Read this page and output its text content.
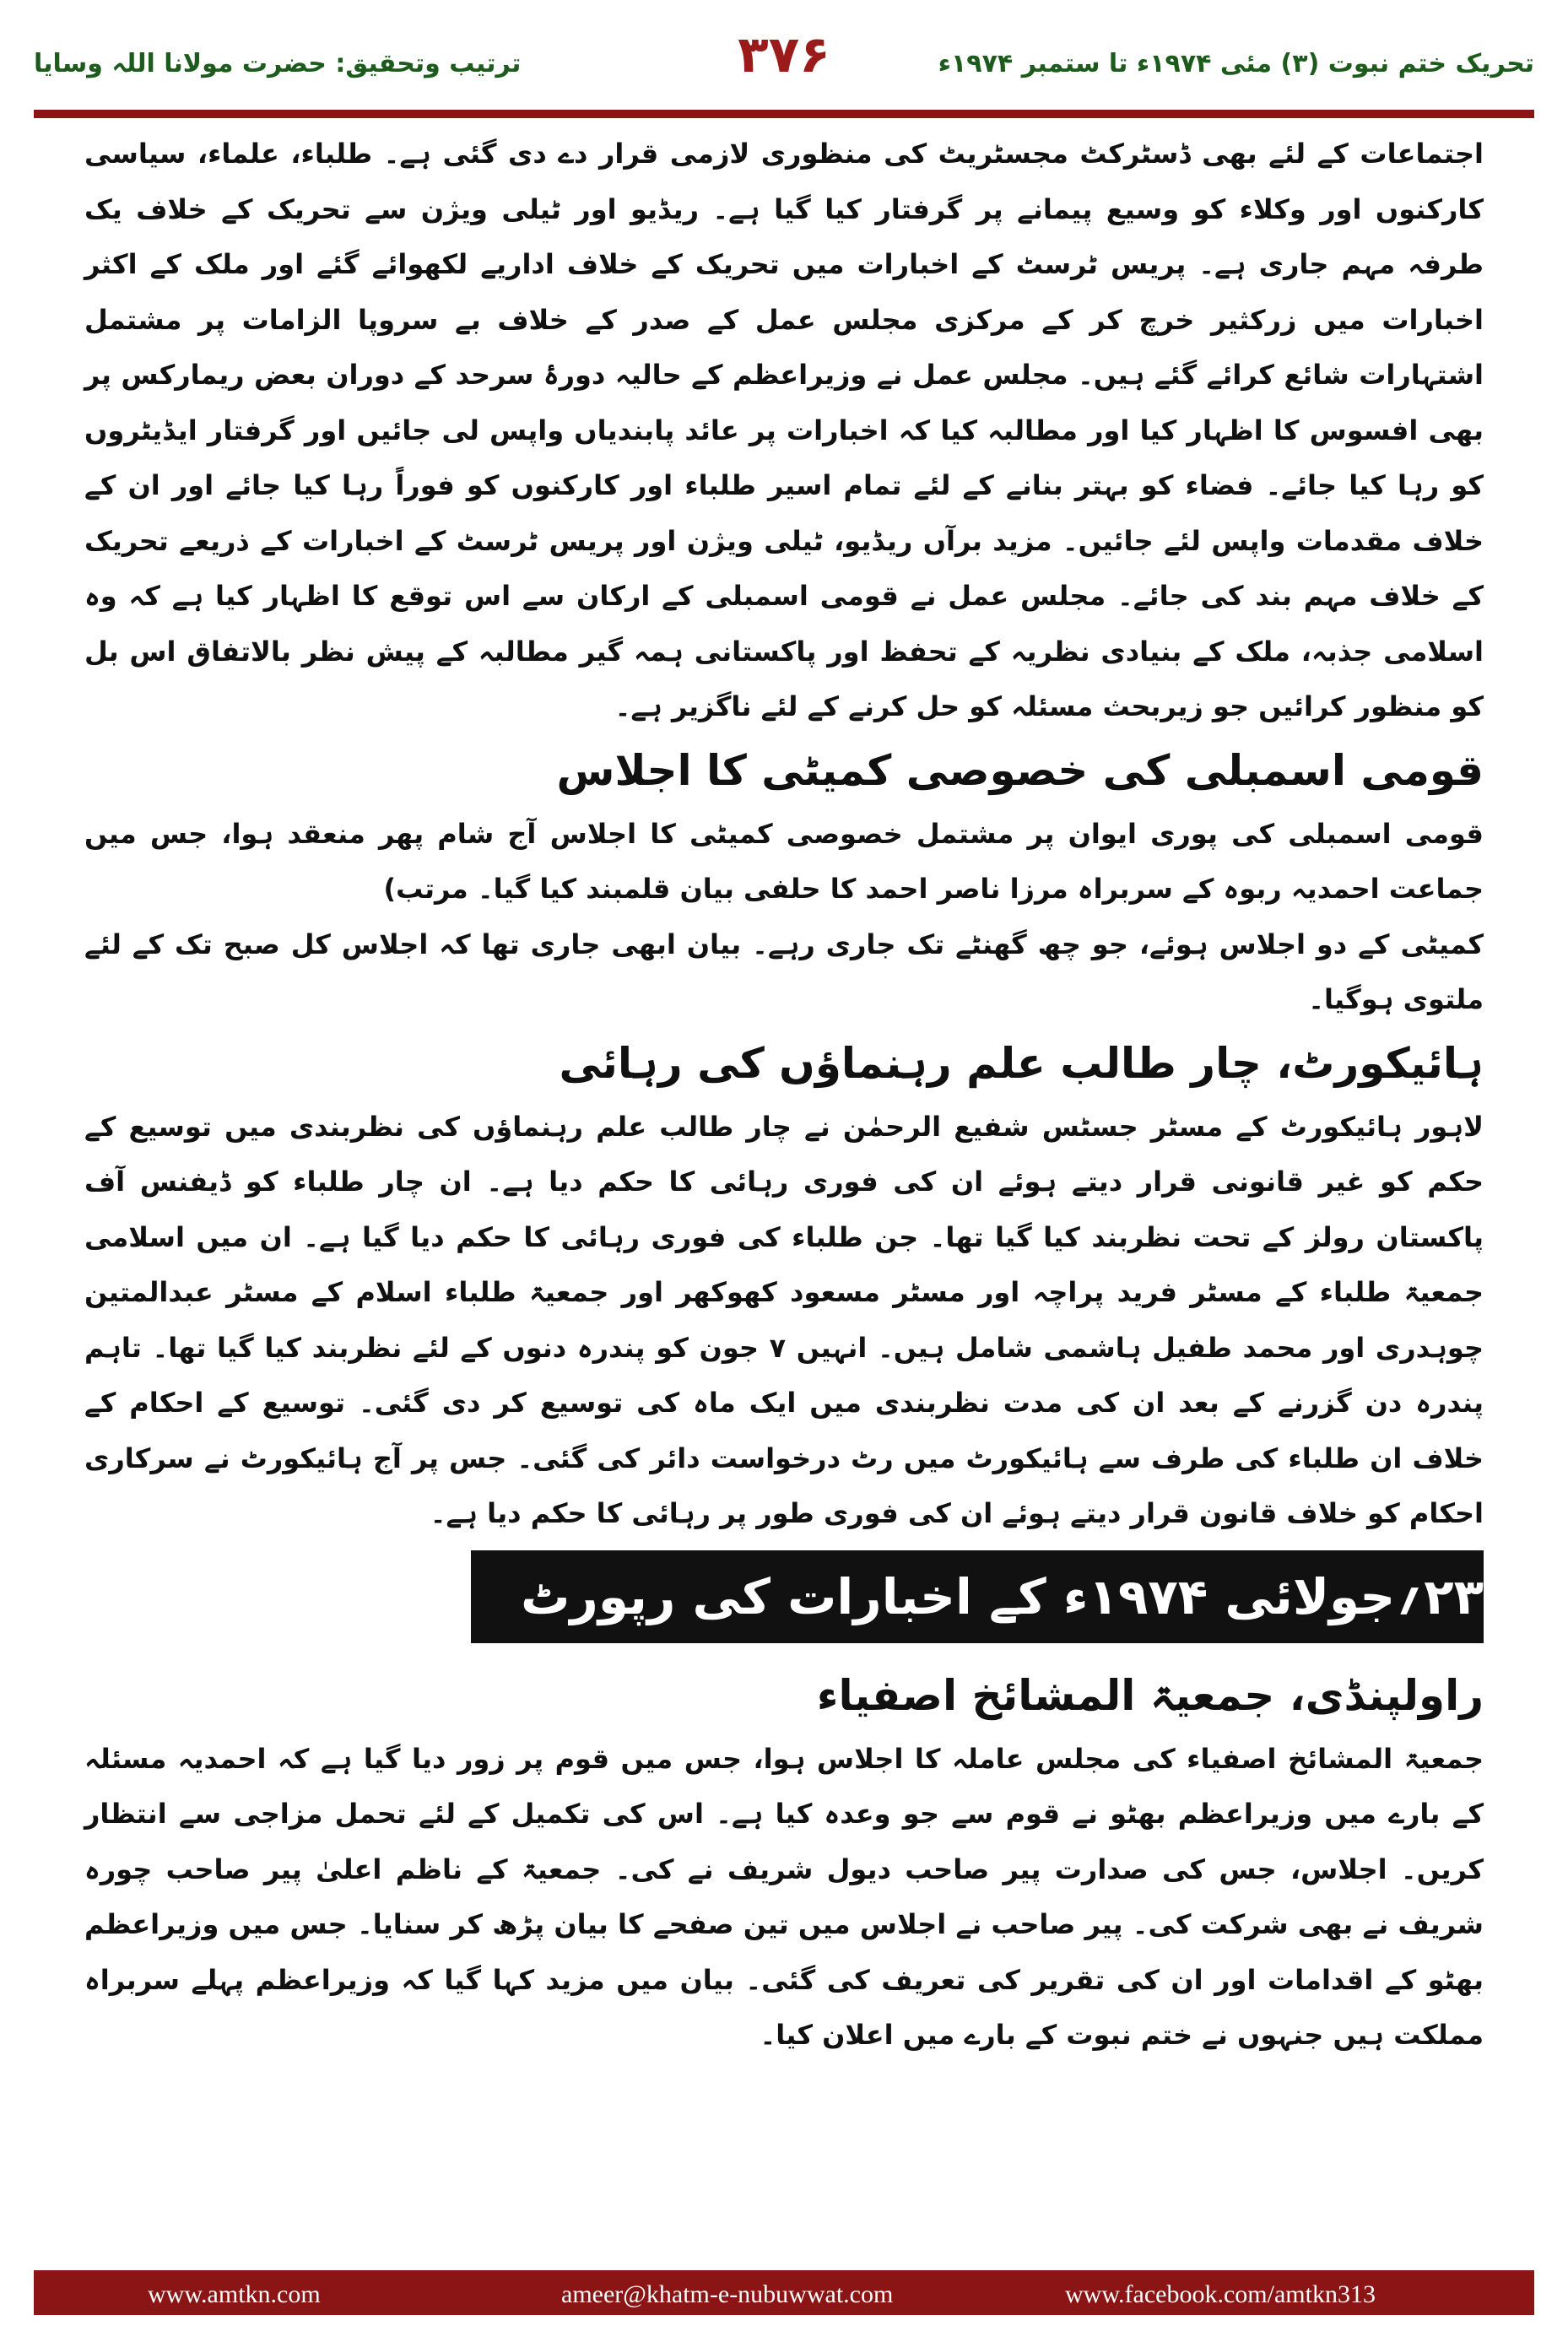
ترتیب وتحقیق: حضرت مولانا اللہ وسایا	۳۷۶	تحریک ختم نبوت (۳) مئی ۱۹۷۴ء تا ستمبر ۱۹۷۴ء

اجتماعات کے لئے بھی ڈسٹرکٹ مجسٹریٹ کی منظوری لازمی قرار دے دی گئی ہے۔ طلباء، علماء، سیاسی کارکنوں اور وکلاء کو وسیع پیمانے پر گرفتار کیا گیا ہے۔ ریڈیو اور ٹیلی ویژن سے تحریک کے خلاف یک طرفہ مہم جاری ہے۔ پریس ٹرسٹ کے اخبارات میں تحریک کے خلاف اداریے لکھوائے گئے اور ملک کے اکثر اخبارات میں زرکثیر خرچ کر کے مرکزی مجلس عمل کے صدر کے خلاف بے سروپا الزامات پر مشتمل اشتہارات شائع کرائے گئے ہیں۔ مجلس عمل نے وزیراعظم کے حالیہ دورۂ سرحد کے دوران بعض ریمارکس پر بھی افسوس کا اظہار کیا اور مطالبہ کیا کہ اخبارات پر عائد پابندیاں واپس لی جائیں اور گرفتار ایڈیٹروں کو رہا کیا جائے۔ فضاء کو بہتر بنانے کے لئے تمام اسیر طلباء اور کارکنوں کو فوراً رہا کیا جائے اور ان کے خلاف مقدمات واپس لئے جائیں۔ مزید برآں ریڈیو، ٹیلی ویژن اور پریس ٹرسٹ کے اخبارات کے ذریعے تحریک کے خلاف مہم بند کی جائے۔ مجلس عمل نے قومی اسمبلی کے ارکان سے اس توقع کا اظہار کیا ہے کہ وہ اسلامی جذبہ، ملک کے بنیادی نظریہ کے تحفظ اور پاکستانی ہمہ گیر مطالبہ کے پیش نظر بالاتفاق اس بل کو منظور کرائیں جو زیربحث مسئلہ کو حل کرنے کے لئے ناگزیر ہے۔

قومی اسمبلی کی خصوصی کمیٹی کا اجلاس

قومی اسمبلی کی پوری ایوان پر مشتمل خصوصی کمیٹی کا اجلاس آج شام پھر منعقد ہوا، جس میں جماعت احمدیہ ربوہ کے سربراہ مرزا ناصر احمد کا حلفی بیان قلمبند کیا گیا۔ مرتب)

کمیٹی کے دو اجلاس ہوئے، جو چھ گھنٹے تک جاری رہے۔ بیان ابھی جاری تھا کہ اجلاس کل صبح تک کے لئے ملتوی ہوگیا۔

ہائیکورٹ، چار طالب علم رہنماؤں کی رہائی

لاہور ہائیکورٹ کے مسٹر جسٹس شفیع الرحمٰن نے چار طالب علم رہنماؤں کی نظربندی میں توسیع کے حکم کو غیر قانونی قرار دیتے ہوئے ان کی فوری رہائی کا حکم دیا ہے۔ ان چار طلباء کو ڈیفنس آف پاکستان رولز کے تحت نظربند کیا گیا تھا۔ جن طلباء کی فوری رہائی کا حکم دیا گیا ہے۔ ان میں اسلامی جمعیۃ طلباء کے مسٹر فرید پراچہ اور مسٹر مسعود کھوکھر اور جمعیۃ طلباء اسلام کے مسٹر عبدالمتین چوہدری اور محمد طفیل ہاشمی شامل ہیں۔ انہیں ۷ جون کو پندرہ دنوں کے لئے نظربند کیا گیا تھا۔ تاہم پندرہ دن گزرنے کے بعد ان کی مدت نظربندی میں ایک ماہ کی توسیع کر دی گئی۔ توسیع کے احکام کے خلاف ان طلباء کی طرف سے ہائیکورٹ میں رٹ درخواست دائر کی گئی۔ جس پر آج ہائیکورٹ نے سرکاری احکام کو خلاف قانون قرار دیتے ہوئے ان کی فوری طور پر رہائی کا حکم دیا ہے۔

۲۳؍جولائی ۱۹۷۴ء کے اخبارات کی رپورٹ
راولپنڈی، جمعیۃ المشائخ اصفیاء

جمعیۃ المشائخ اصفیاء کی مجلس عاملہ کا اجلاس ہوا، جس میں قوم پر زور دیا گیا ہے کہ احمدیہ مسئلہ کے بارے میں وزیراعظم بھٹو نے قوم سے جو وعدہ کیا ہے۔ اس کی تکمیل کے لئے تحمل مزاجی سے انتظار کریں۔ اجلاس، جس کی صدارت پیر صاحب دیول شریف نے کی۔ جمعیۃ کے ناظم اعلیٰ پیر صاحب چورہ شریف نے بھی شرکت کی۔ پیر صاحب نے اجلاس میں تین صفحے کا بیان پڑھ کر سنایا۔ جس میں وزیراعظم بھٹو کے اقدامات اور ان کی تقریر کی تعریف کی گئی۔ بیان میں مزید کہا گیا کہ وزیراعظم پہلے سربراہ مملکت ہیں جنہوں نے ختم نبوت کے بارے میں اعلان کیا۔

www.amtkn.com	ameer@khatm-e-nubuwwat.com	www.facebook.com/amtkn313
